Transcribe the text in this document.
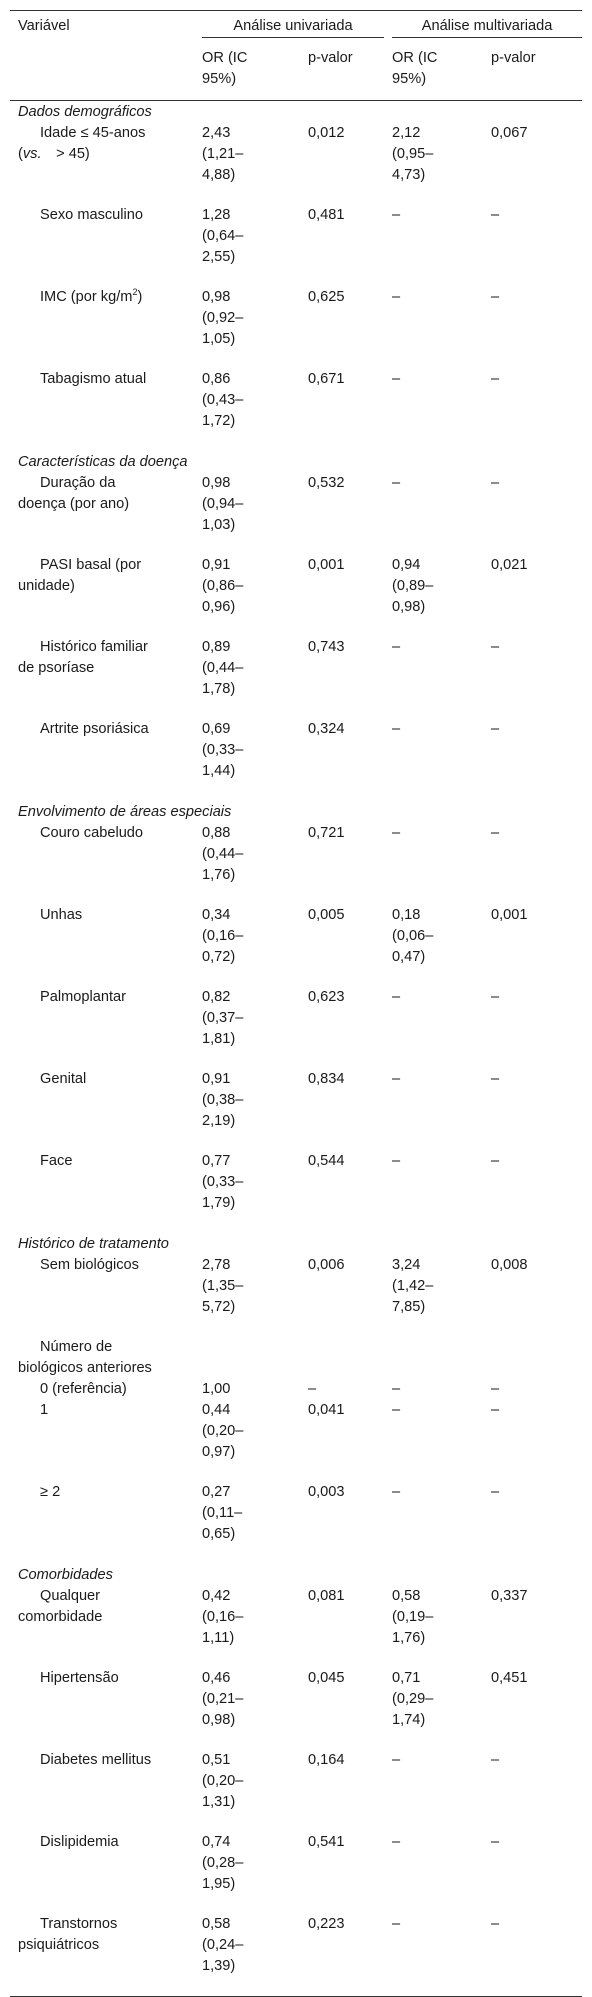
Variável	Análise univariada		Análise multivariada	

	OR (IC
95%)	p-valor	OR (IC
95%)	p-valor
Dados demográficos				

Idade ≤ 45-anos
(vs. > 45)	2,43
(1,21–
4,88)	0,012	2,12
(0,95–
4,73)	0,067

Sexo masculino	1,28
(0,64–
2,55)	0,481	–	–

IMC (por $kg/m^2$)	0,98
(0,92–
1,05)	0,625	–	–

Tabagismo atual	0,86
(0,43–
1,72)	0,671	–	–
Características da doença				

Duração da
doença (por ano)	0,98
(0,94–
1,03)	0,532	–	–

PASI basal (por
unidade)	0,91
(0,86–
0,96)	0,001	0,94
(0,89–
0,98)	0,021

Histórico familiar
de psoríase	0,89
(0,44–
1,78)	0,743	–	–

Artrite psoriásica	0,69
(0,33–
1,44)	0,324	–	–
Envolvimento de áreas especiais				

Couro cabeludo	0,88
(0,44–
1,76)	0,721	–	–

Unhas	0,34
(0,16–
0,72)	0,005	0,18
(0,06–
0,47)	0,001

Palmoplantar	0,82
(0,37–
1,81)	0,623	–	–

Genital	0,91
(0,38–
2,19)	0,834	–	–

Face	0,77
(0,33–
1,79)	0,544	–	–
Histórico de tratamento				

Sem biológicos	2,78
(1,35–
5,72)	0,006	3,24
(1,42–
7,85)	0,008

Número de
biológicos anteriores				

0 (referência)	1,00	–	–	–

1	0,44
(0,20–
0,97)	0,041	–	–

≥ 2	0,27
(0,11–
0,65)	0,003	–	–
Comorbidades				

Qualquer
comorbidade	0,42
(0,16–
1,11)	0,081	0,58
(0,19–
1,76)	0,337

Hipertensão	0,46
(0,21–
0,98)	0,045	0,71
(0,29–
1,74)	0,451

Diabetes mellitus	0,51
(0,20–
1,31)	0,164	–	–

Dislipidemia	0,74
(0,28–
1,95)	0,541	–	–

Transtornos
psiquiátricos	0,58
(0,24–
1,39)	0,223	–	–
